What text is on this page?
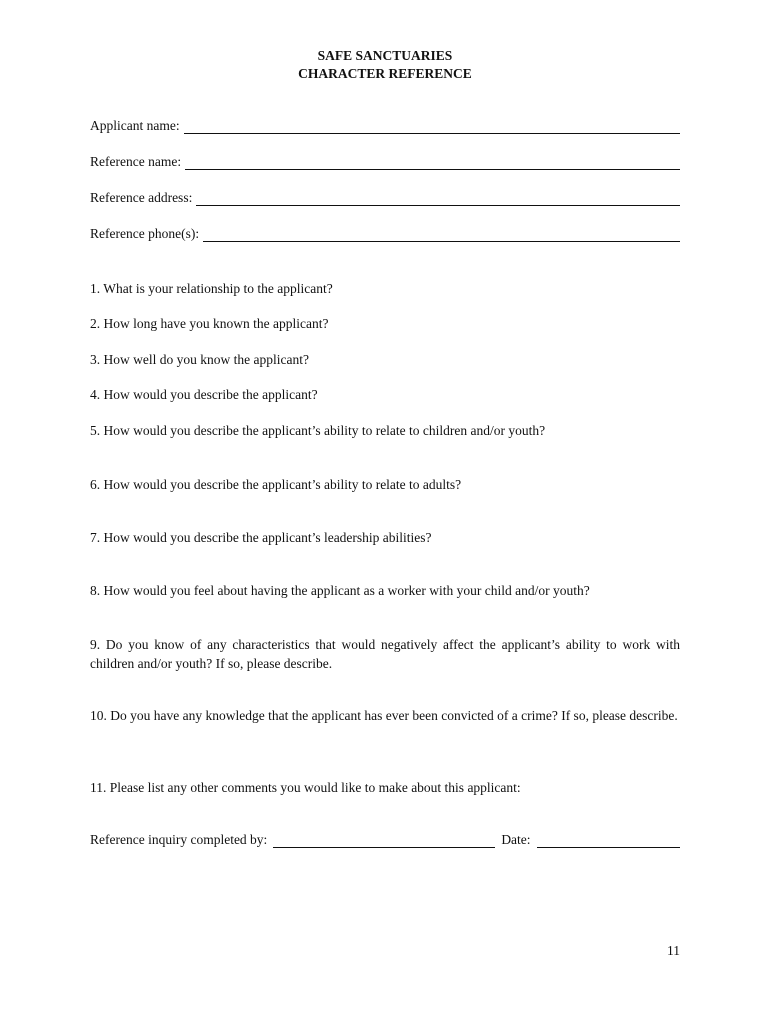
SAFE SANCTUARIES
CHARACTER REFERENCE
Applicant name:
Reference name:
Reference address:
Reference phone(s):
1. What is your relationship to the applicant?
2. How long have you known the applicant?
3. How well do you know the applicant?
4. How would you describe the applicant?
5. How would you describe the applicant’s ability to relate to children and/or youth?
6. How would you describe the applicant’s ability to relate to adults?
7. How would you describe the applicant’s leadership abilities?
8. How would you feel about having the applicant as a worker with your child and/or youth?
9. Do you know of any characteristics that would negatively affect the applicant’s ability to work with children and/or youth? If so, please describe.
10. Do you have any knowledge that the applicant has ever been convicted of a crime? If so, please describe.
11. Please list any other comments you would like to make about this applicant:
Reference inquiry completed by:	Date:
11
